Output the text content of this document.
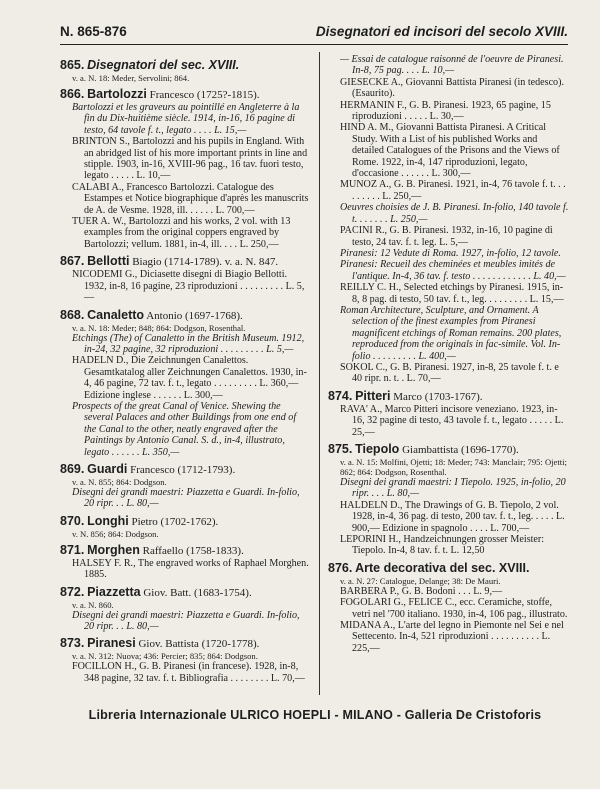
N. 865-876	Disegnatori ed incisori del secolo XVIII.
865. Disegnatori del sec. XVIII.
v. a. N. 18: Meder, Servolini; 864.
866. Bartolozzi Francesco (1725?-1815).
Bartolozzi et les graveurs au pointillé en Angleterre à la fin du Dix-huitième siècle. 1914, in-16, 16 pagine di testo, 64 tavole f. t., legato . . . . L. 15,—
BRINTON S., Bartolozzi and his pupils in England. With an abridged list of his more important prints in line and stipple. 1903, in-16, XVIII-96 pag., 16 tav. fuori testo, legato . . . . . L. 10,—
CALABI A., Francesco Bartolozzi. Catalogue des Estampes et Notice biographique d'après les manuscrits de A. de Vesme. 1928, ill. . . . . . L. 700,—
TUER A. W., Bartolozzi and his works, 2 vol. with 13 examples from the original coppers engraved by Bartolozzi; vellum. 1881, in-4, ill. . . . L. 250,—
867. Bellotti Biagio (1714-1789). v. a. N. 847.
NICODEMI G., Diciasette disegni di Biagio Bellotti. 1932, in-8, 16 pagine, 23 riproduzioni . . . . . . . . . L. 5,—
868. Canaletto Antonio (1697-1768).
v. a. N. 18: Meder; 848; 864: Dodgson, Rosenthal.
Etchings (The) of Canaletto in the British Museum. 1912, in-24, 32 pagine, 32 riproduzioni . . . . . . . . . L. 5,—
HADELN D., Die Zeichnungen Canalettos. Gesamtkatalog aller Zeichnungen Canalettos. 1930, in-4, 46 pagine, 72 tav. f. t., legato . . . . . . . . . L. 360,— Edizione inglese . . . . . . L. 300,—
Prospects of the great Canal of Venice. Shewing the several Palaces and other Buildings from one end of the Canal to the other, neatly engraved after the Paintings by Antonio Canal. S. d., in-4, illustrato, legato . . . . . . L. 350,—
869. Guardi Francesco (1712-1793).
v. a. N. 855; 864: Dodgson.
Disegni dei grandi maestri: Piazzetta e Guardi. In-folio, 20 ripr. . . L. 80,—
870. Longhi Pietro (1702-1762).
v. N. 856; 864: Dodgson.
871. Morghen Raffaello (1758-1833).
HALSEY F. R., The engraved works of Raphael Morghen. 1885.
872. Piazzetta Giov. Batt. (1683-1754).
v. a. N. 860.
Disegni dei grandi maestri: Piazzetta e Guardi. In-folio, 20 ripr. . . L. 80,—
873. Piranesi Giov. Battista (1720-1778).
v. a. N. 312: Nuova; 436: Percier; 835; 864: Dodgson.
FOCILLON H., G. B. Piranesi (in francese). 1928, in-8, 348 pagine, 32 tav. f. t. Bibliografia . . . . . . . . L. 70,—
— Essai de catalogue raisonné de l'oeuvre de Piranesi. In-8, 75 pag. . . . L. 10,—
GIESECKE A., Giovanni Battista Piranesi (in tedesco). (Esaurito).
HERMANIN F., G. B. Piranesi. 1923, 65 pagine, 15 riproduzioni . . . . . L. 30,—
HIND A. M., Giovanni Battista Piranesi. A Critical Study. With a List of his published Works and detailed Catalogues of the Prisons and the Views of Rome. 1922, in-4, 147 riproduzioni, legato, d'occasione . . . . . . L. 300,—
MUNOZ A., G. B. Piranesi. 1921, in-4, 76 tavole f. t. . . . . . . . . L. 250,—
Oeuvres choisies de J. B. Piranesi. In-folio, 140 tavole f. t. . . . . . . L. 250,—
PACINI R., G. B. Piranesi. 1932, in-16, 10 pagine di testo, 24 tav. f. t. leg. L. 5,—
Piranesi: 12 Vedute di Roma. 1927, in-folio, 12 tavole.
Piranesi: Recueil des cheminées et meubles imités de l'antique. In-4, 36 tav. f. testo . . . . . . . . . . . . L. 40,—
REILLY C. H., Selected etchings by Piranesi. 1915, in-8, 8 pag. di testo, 50 tav. f. t., leg. . . . . . . . . L. 15,—
Roman Architecture, Sculpture, and Ornament. A selection of the finest examples from Piranesi magnificent etchings of Roman remains. 200 plates, reproduced from the originals in fac-simile. Vol. In-folio . . . . . . . . . L. 400,—
SOKOL C., G. B. Piranesi. 1927, in-8, 25 tavole f. t. e 40 ripr. n. t. . L. 70,—
874. Pitteri Marco (1703-1767).
RAVA' A., Marco Pitteri incisore veneziano. 1923, in-16, 32 pagine di testo, 43 tavole f. t., legato . . . . . L. 25,—
875. Tiepolo Giambattista (1696-1770).
v. a. N. 15: Molfini, Ojetti; 18: Meder; 743: Manclair; 795: Ojetti; 862; 864: Dodgson, Rosenthal.
Disegni dei grandi maestri: I Tiepolo. 1925, in-folio, 20 ripr. . . . L. 80,—
HALDELN D., The Drawings of G. B. Tiepolo, 2 vol. 1928, in-4, 36 pag. di testo, 200 tav. f. t., leg. . . . . L. 900,— Edizione in spagnolo . . . . L. 700,—
LEPORINI H., Handzeichnungen grosser Meister: Tiepolo. In-4, 8 tav. f. t. L. 12,50
876. Arte decorativa del sec. XVIII.
v. a. N. 27: Catalogue, Delange; 38: De Mauri.
BARBERA P., G. B. Bodoni . . . L. 9,—
FOGOLARI G., FELICE C., ecc. Ceramiche, stoffe, vetri nel '700 italiano. 1930, in-4, 106 pag., illustrato.
MIDANA A., L'arte del legno in Piemonte nel Sei e nel Settecento. In-4, 521 riproduzioni . . . . . . . . . . L. 225,—
Libreria Internazionale ULRICO HOEPLI - MILANO - Galleria De Cristoforis
